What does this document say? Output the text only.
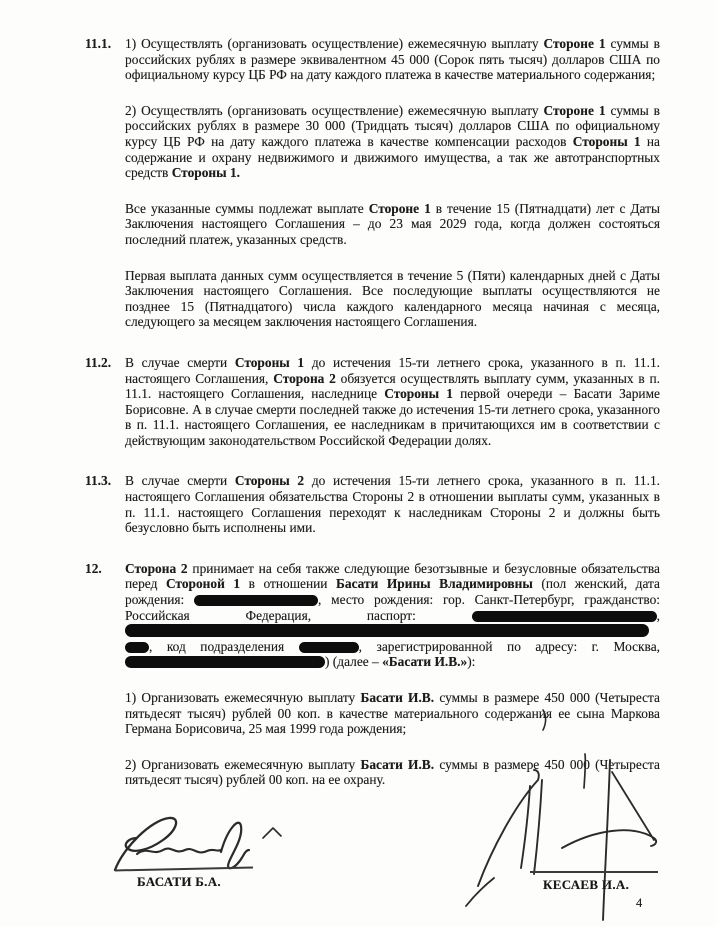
11.1.	1) Осуществлять (организовать осуществление) ежемесячную выплату Стороне 1 суммы в российских рублях в размере эквивалентном 45 000 (Сорок пять тысяч) долларов США по официальному курсу ЦБ РФ на дату каждого платежа в качестве материального содержания;

2) Осуществлять (организовать осуществление) ежемесячную выплату Стороне 1 суммы в российских рублях в размере 30 000 (Тридцать тысяч) долларов США по официальному курсу ЦБ РФ на дату каждого платежа в качестве компенсации расходов Стороны 1 на содержание и охрану недвижимого и движимого имущества, а так же автотранспортных средств Стороны 1.

Все указанные суммы подлежат выплате Стороне 1 в течение 15 (Пятнадцати) лет с Даты Заключения настоящего Соглашения – до 23 мая 2029 года, когда должен состояться последний платеж, указанных средств.

Первая выплата данных сумм осуществляется в течение 5 (Пяти) календарных дней с Даты Заключения настоящего Соглашения. Все последующие выплаты осуществляются не позднее 15 (Пятнадцатого) числа каждого календарного месяца начиная с месяца, следующего за месяцем заключения настоящего Соглашения.

11.2.	В случае смерти Стороны 1 до истечения 15-ти летнего срока, указанного в п. 11.1. настоящего Соглашения, Сторона 2 обязуется осуществлять выплату сумм, указанных в п. 11.1. настоящего Соглашения, наследнице Стороны 1 первой очереди – Басати Зариме Борисовне. А в случае смерти последней также до истечения 15-ти летнего срока, указанного в п. 11.1. настоящего Соглашения, ее наследникам в причитающихся им в соответствии с действующим законодательством Российской Федерации долях.

11.3.	В случае смерти Стороны 2 до истечения 15-ти летнего срока, указанного в п. 11.1. настоящего Соглашения обязательства Стороны 2 в отношении выплаты сумм, указанных в п. 11.1. настоящего Соглашения переходят к наследникам Стороны 2 и должны быть безусловно быть исполнены ими.

12.	Сторона 2 принимает на себя также следующие безотзывные и безусловные обязательства перед Стороной 1 в отношении Басати Ирины Владимировны (пол женский, дата рождения:	, место рождения: гор. Санкт-Петербург, гражданство: Российская Федерация, паспорт:	,  , код подразделения	, зарегистрированной по адресу: г. Москва, ) (далее – «Басати И.В.»):

1) Организовать ежемесячную выплату Басати И.В. суммы в размере 450 000 (Четыреста пятьдесят тысяч) рублей 00 коп. в качестве материального содержания ее сына Маркова Германа Борисовича, 25 мая 1999 года рождения;

2) Организовать ежемесячную выплату Басати И.В. суммы в размере 450 000 (Четыреста пятьдесят тысяч) рублей 00 коп. на ее охрану.

БАСАТИ Б.А.	КЕСАЕВ И.А.
4
